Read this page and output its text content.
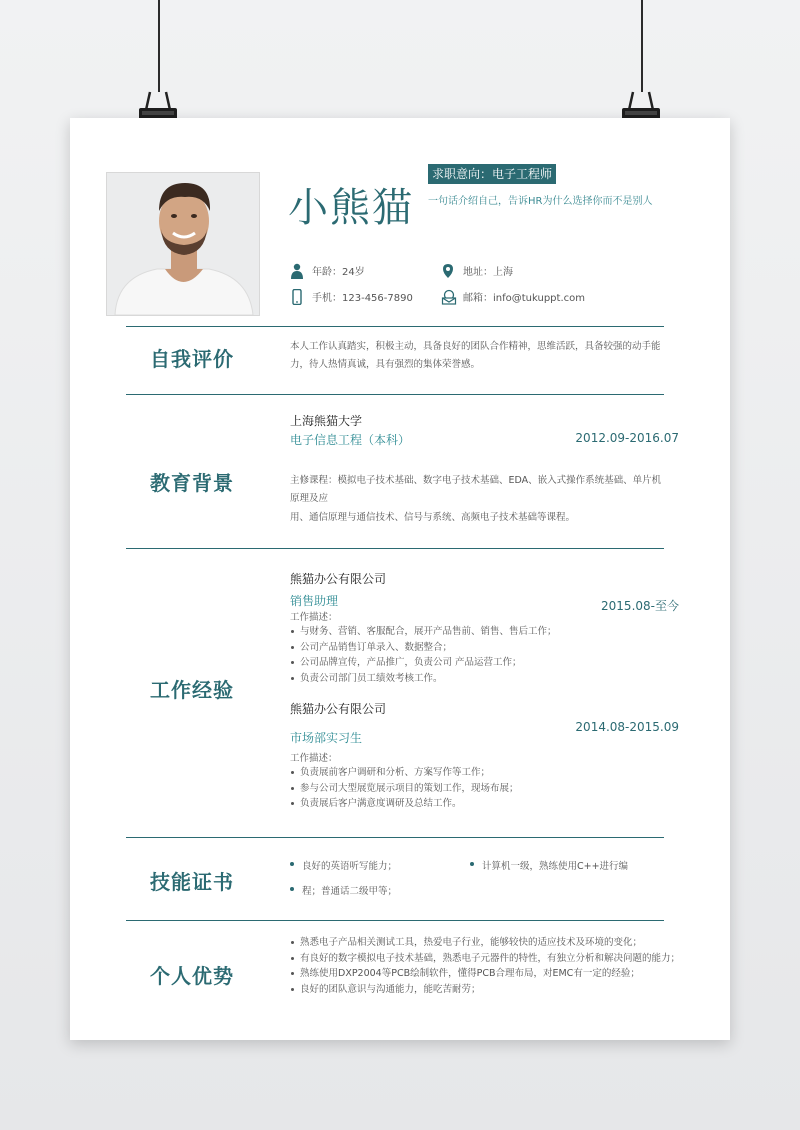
小熊猫
求职意向：电子工程师
一句话介绍自己，告诉HR为什么选择你而不是别人
年龄：24岁	地址：上海
手机：123-456-7890	邮箱：info@tukuppt.com
自我评价
本人工作认真踏实，积极主动，具备良好的团队合作精神，思维活跃，具备较强的动手能
力，待人热情真诚，具有强烈的集体荣誉感。
上海熊猫大学
电子信息工程（本科）	2012.09-2016.07
教育背景	主修课程：模拟电子技术基础、数字电子技术基础、EDA、嵌入式操作系统基础、单片机
原理及应
用、通信原理与通信技术、信号与系统、高频电子技术基础等课程。
熊猫办公有限公司
销售助理	2015.08-至今
工作描述：
与财务、营销、客服配合，展开产品售前、销售、售后工作；
公司产品销售订单录入、数据整合；
公司品牌宣传，产品推广，负责公司 产品运营工作；
负责公司部门员工绩效考核工作。
工作经验
熊猫办公有限公司
市场部实习生
2014.08-2015.09
工作描述：
负责展前客户调研和分析、方案写作等工作；
参与公司大型展览展示项目的策划工作，现场布展；
负责展后客户满意度调研及总结工作。
技能证书
良好的英语听写能力；	计算机一级，熟练使用C++进行编
程；普通话二级甲等；
个人优势
熟悉电子产品相关测试工具，热爱电子行业，能够较快的适应技术及环境的变化；
有良好的数字模拟电子技术基础，熟悉电子元器件的特性，有独立分析和解决问题的能力；
熟练使用DXP2004等PCB绘制软件，懂得PCB合理布局，对EMC有一定的经验；
良好的团队意识与沟通能力，能吃苦耐劳；
